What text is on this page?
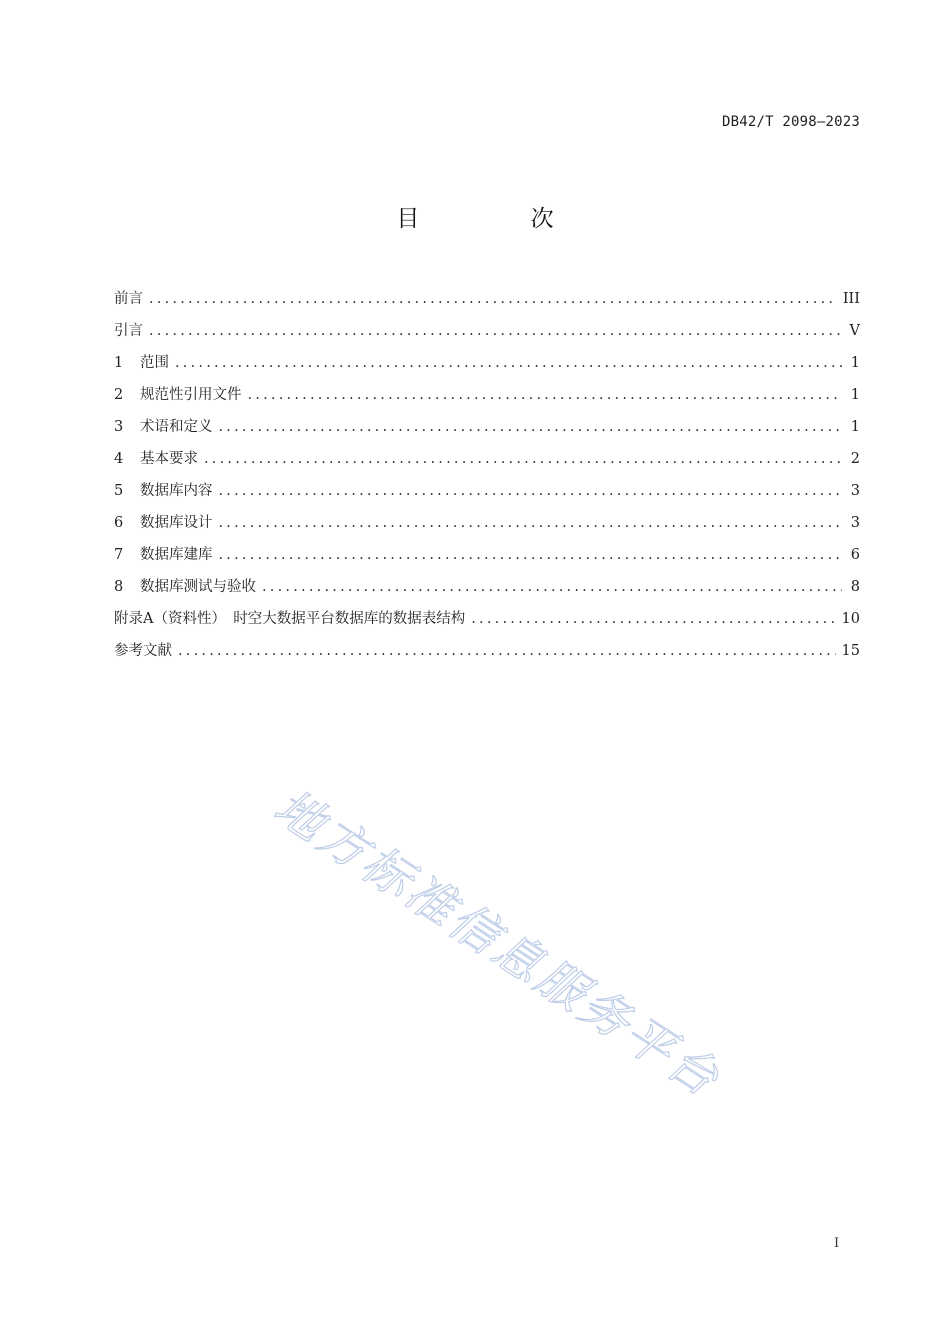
DB42/T 2098—2023
目 次
前言 .....	III
引言 .....	V
1	范围 .....	1
2	规范性引用文件 .....	1
3	术语和定义 .....	1
4	基本要求 .....	2
5	数据库内容 .....	3
6	数据库设计 .....	3
7	数据库建库 .....	6
8	数据库测试与验收 .....	8
附录A（资料性）　时空大数据平台数据库的数据表结构 .....	10
参考文献 .....	15
地方标准信息服务平台
I
